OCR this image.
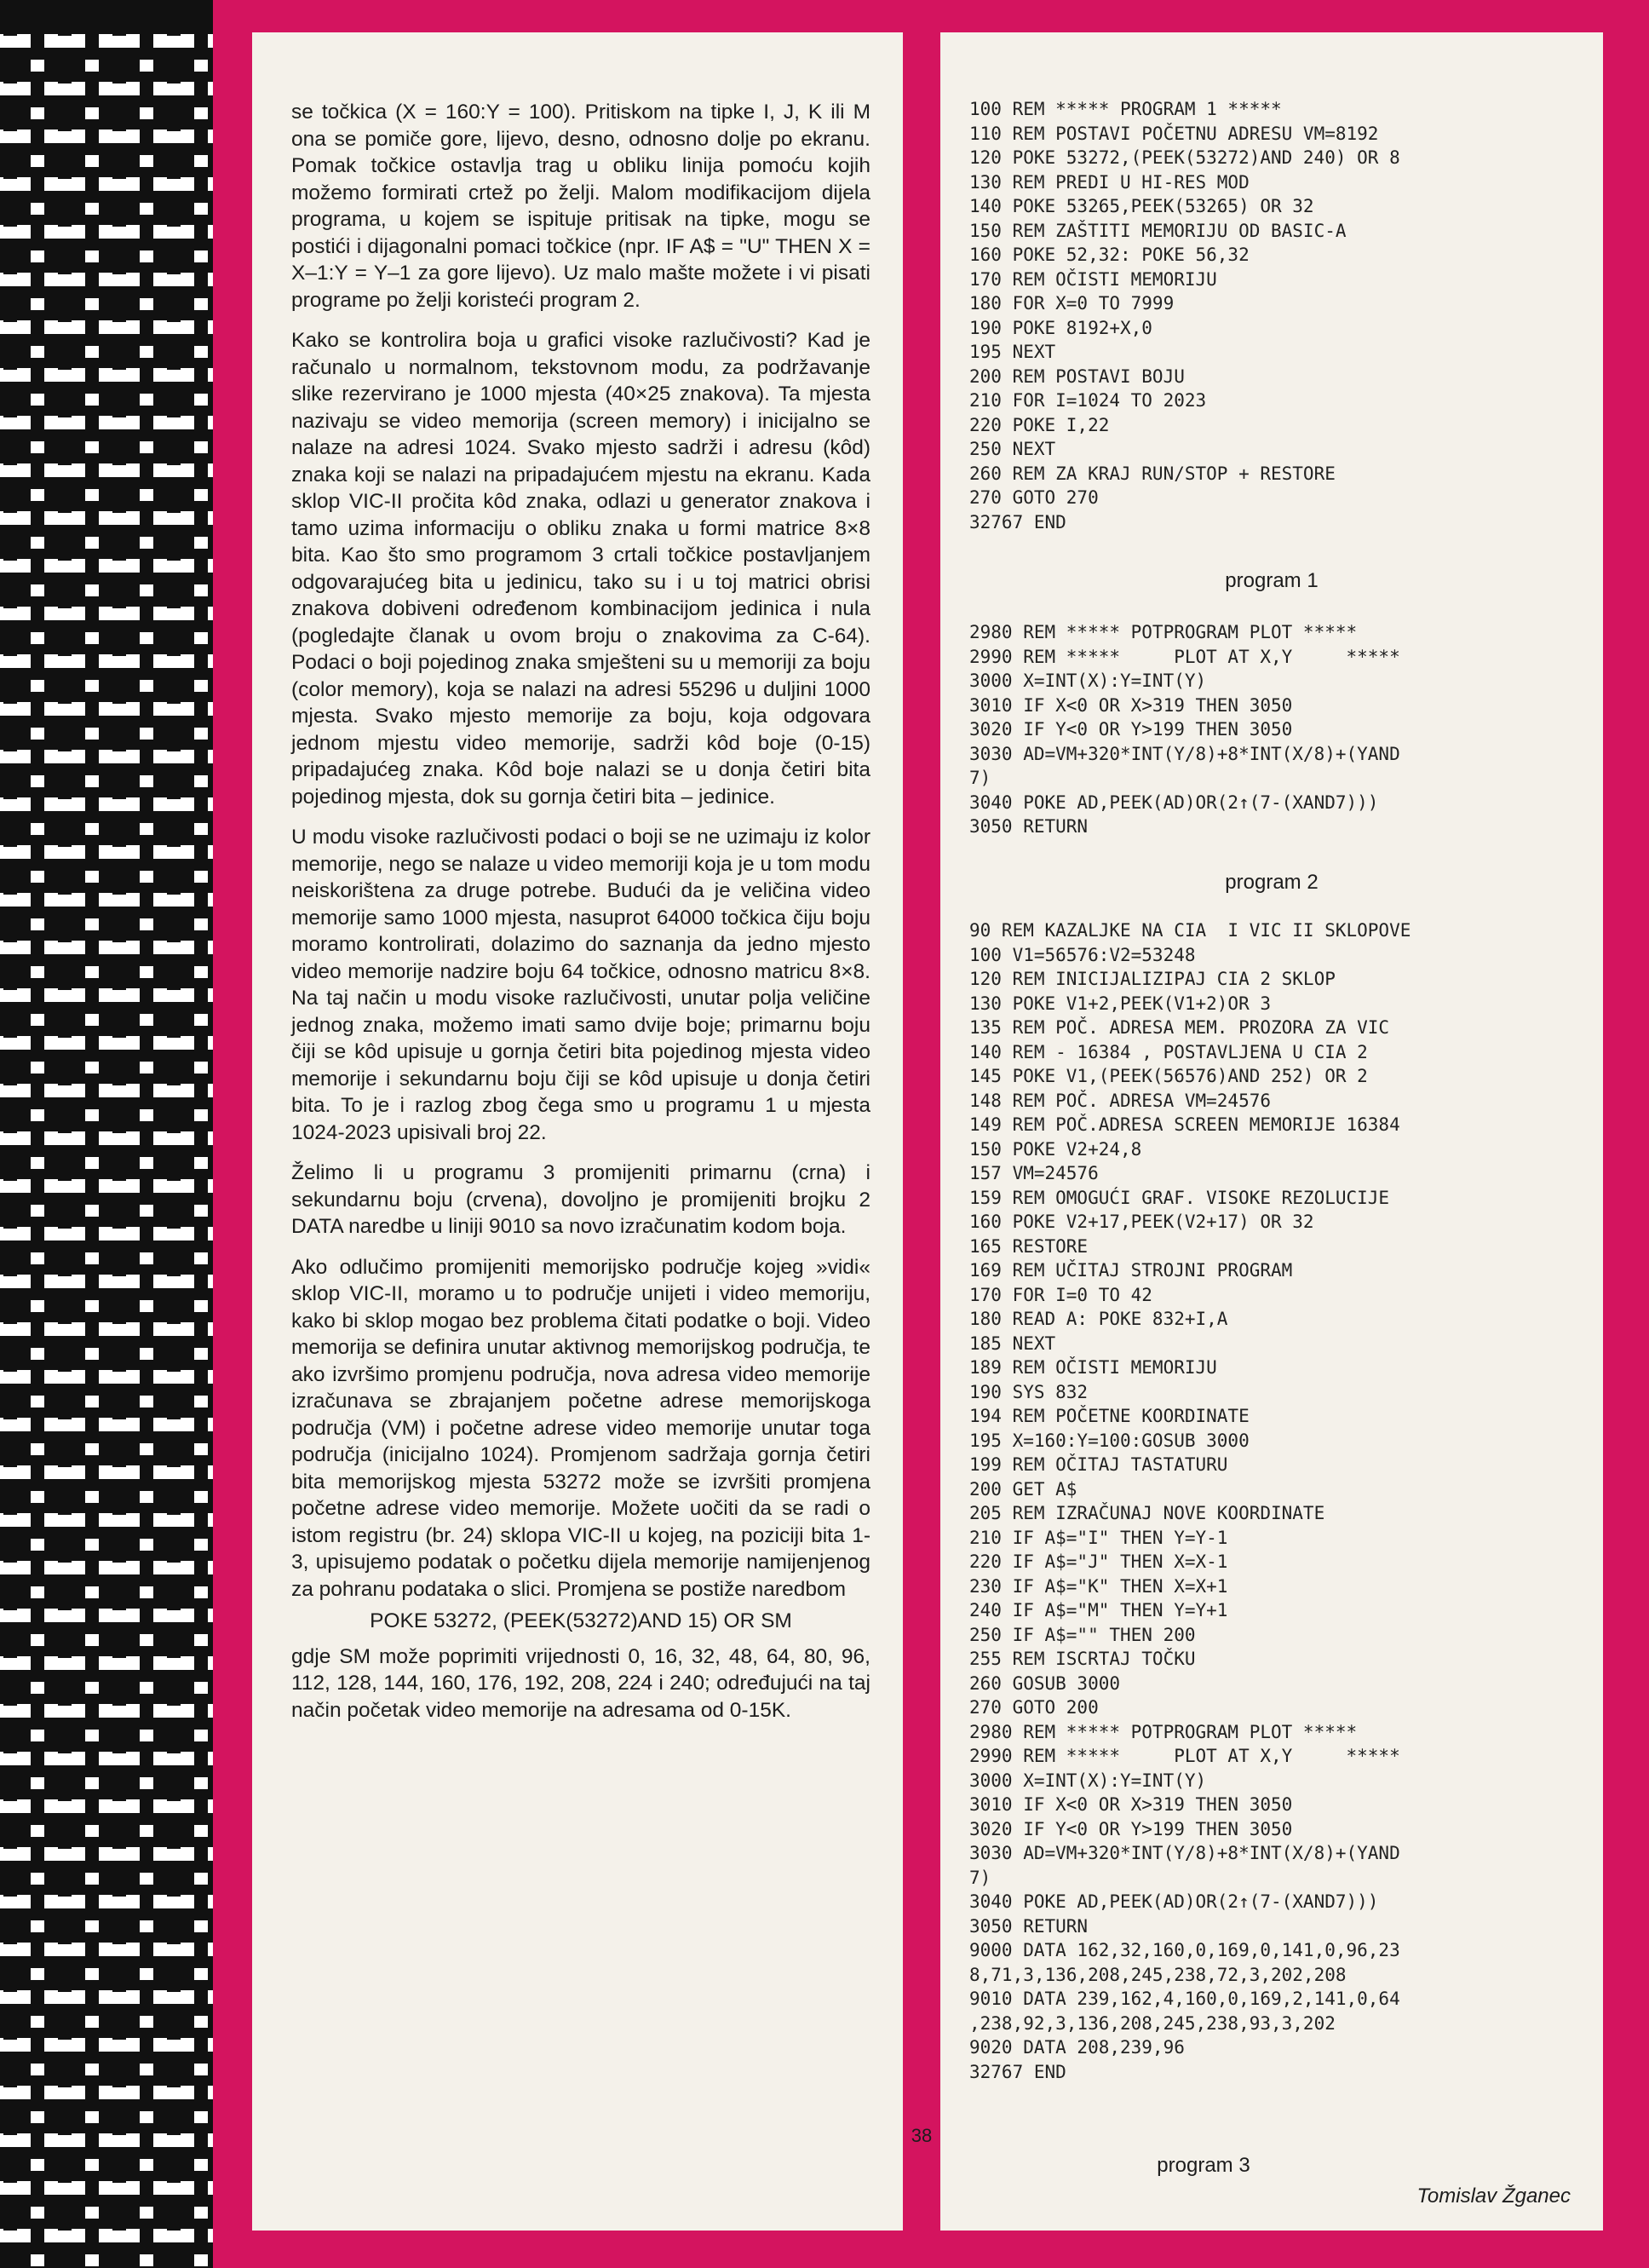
se točkica (X = 160:Y = 100). Pritiskom na tipke I, J, K ili M ona se pomiče gore, lijevo, desno, odnosno dolje po ekranu. Pomak točkice ostavlja trag u obliku linija pomoću kojih možemo formirati crtež po želji. Malom modifikacijom dijela programa, u kojem se ispituje pritisak na tipke, mogu se postići i dijagonalni pomaci točkice (npr. IF A$ = "U" THEN X = X–1:Y = Y–1 za gore lijevo). Uz malo mašte možete i vi pisati programe po želji koristeći program 2.

Kako se kontrolira boja u grafici visoke razlučivosti? Kad je računalo u normalnom, tekstovnom modu, za podržavanje slike rezervirano je 1000 mjesta (40×25 znakova). Ta mjesta nazivaju se video memorija (screen memory) i inicijalno se nalaze na adresi 1024. Svako mjesto sadrži i adresu (kôd) znaka koji se nalazi na pripadajućem mjestu na ekranu. Kada sklop VIC-II pročita kôd znaka, odlazi u generator znakova i tamo uzima informaciju o obliku znaka u formi matrice 8×8 bita. Kao što smo programom 3 crtali točkice postavljanjem odgovarajućeg bita u jedinicu, tako su i u toj matrici obrisi znakova dobiveni određenom kombinacijom jedinica i nula (pogledajte članak u ovom broju o znakovima za C-64). Podaci o boji pojedinog znaka smješteni su u memoriji za boju (color memory), koja se nalazi na adresi 55296 u duljini 1000 mjesta. Svako mjesto memorije za boju, koja odgovara jednom mjestu video memorije, sadrži kôd boje (0-15) pripadajućeg znaka. Kôd boje nalazi se u donja četiri bita pojedinog mjesta, dok su gornja četiri bita – jedinice.

U modu visoke razlučivosti podaci o boji se ne uzimaju iz kolor memorije, nego se nalaze u video memoriji koja je u tom modu neiskorištena za druge potrebe. Budući da je veličina video memorije samo 1000 mjesta, nasuprot 64000 točkica čiju boju moramo kontrolirati, dolazimo do saznanja da jedno mjesto video memorije nadzire boju 64 točkice, odnosno matricu 8×8. Na taj način u modu visoke razlučivosti, unutar polja veličine jednog znaka, možemo imati samo dvije boje; primarnu boju čiji se kôd upisuje u gornja četiri bita pojedinog mjesta video memorije i sekundarnu boju čiji se kôd upisuje u donja četiri bita. To je i razlog zbog čega smo u programu 1 u mjesta 1024-2023 upisivali broj 22.

Želimo li u programu 3 promijeniti primarnu (crna) i sekundarnu boju (crvena), dovoljno je promijeniti brojku 2 DATA naredbe u liniji 9010 sa novo izračunatim kodom boja.

Ako odlučimo promijeniti memorijsko područje kojeg »vidi« sklop VIC-II, moramo u to područje unijeti i video memoriju, kako bi sklop mogao bez problema čitati podatke o boji. Video memorija se definira unutar aktivnog memorijskog područja, te ako izvršimo promjenu područja, nova adresa video memorije izračunava se zbrajanjem početne adrese memorijskoga područja (VM) i početne adrese video memorije unutar toga područja (inicijalno 1024). Promjenom sadržaja gornja četiri bita memorijskog mjesta 53272 može se izvršiti promjena početne adrese video memorije. Možete uočiti da se radi o istom registru (br. 24) sklopa VIC-II u kojeg, na poziciji bita 1-3, upisujemo podatak o početku dijela memorije namijenjenog za pohranu podataka o slici. Promjena se postiže naredbom

POKE 53272, (PEEK(53272)AND 15) OR SM

gdje SM može poprimiti vrijednosti 0, 16, 32, 48, 64, 80, 96, 112, 128, 144, 160, 176, 192, 208, 224 i 240; određujući na taj način početak video memorije na adresama od 0-15K.

38
100 REM ***** PROGRAM 1 *****
110 REM POSTAVI POČETNU ADRESU VM=8192
120 POKE 53272,(PEEK(53272)AND 240) OR 8
130 REM PREDI U HI-RES MOD
140 POKE 53265,PEEK(53265) OR 32
150 REM ZAŠTITI MEMORIJU OD BASIC-A
160 POKE 52,32: POKE 56,32
170 REM OČISTI MEMORIJU
180 FOR X=0 TO 7999
190 POKE 8192+X,0
195 NEXT
200 REM POSTAVI BOJU
210 FOR I=1024 TO 2023
220 POKE I,22
250 NEXT
260 REM ZA KRAJ RUN/STOP + RESTORE
270 GOTO 270
32767 END
program 1
2980 REM ***** POTPROGRAM PLOT *****
2990 REM *****     PLOT AT X,Y     *****
3000 X=INT(X):Y=INT(Y)
3010 IF X<0 OR X>319 THEN 3050
3020 IF Y<0 OR Y>199 THEN 3050
3030 AD=VM+320*INT(Y/8)+8*INT(X/8)+(YAND
7)
3040 POKE AD,PEEK(AD)OR(2↑(7-(XAND7)))
3050 RETURN
program 2
90 REM KAZALJKE NA CIA  I VIC II SKLOPOVE
100 V1=56576:V2=53248
120 REM INICIJALIZIPAJ CIA 2 SKLOP
130 POKE V1+2,PEEK(V1+2)OR 3
135 REM POČ. ADRESA MEM. PROZORA ZA VIC
140 REM - 16384 , POSTAVLJENA U CIA 2
145 POKE V1,(PEEK(56576)AND 252) OR 2
148 REM POČ. ADRESA VM=24576
149 REM POČ.ADRESA SCREEN MEMORIJE 16384
150 POKE V2+24,8
157 VM=24576
159 REM OMOGUĆI GRAF. VISOKE REZOLUCIJE
160 POKE V2+17,PEEK(V2+17) OR 32
165 RESTORE
169 REM UČITAJ STROJNI PROGRAM
170 FOR I=0 TO 42
180 READ A: POKE 832+I,A
185 NEXT
189 REM OČISTI MEMORIJU
190 SYS 832
194 REM POČETNE KOORDINATE
195 X=160:Y=100:GOSUB 3000
199 REM OČITAJ TASTATURU
200 GET A$
205 REM IZRAČUNAJ NOVE KOORDINATE
210 IF A$="I" THEN Y=Y-1
220 IF A$="J" THEN X=X-1
230 IF A$="K" THEN X=X+1
240 IF A$="M" THEN Y=Y+1
250 IF A$="" THEN 200
255 REM ISCRTAJ TOČKU
260 GOSUB 3000
270 GOTO 200
2980 REM ***** POTPROGRAM PLOT *****
2990 REM *****     PLOT AT X,Y     *****
3000 X=INT(X):Y=INT(Y)
3010 IF X<0 OR X>319 THEN 3050
3020 IF Y<0 OR Y>199 THEN 3050
3030 AD=VM+320*INT(Y/8)+8*INT(X/8)+(YAND
7)
3040 POKE AD,PEEK(AD)OR(2↑(7-(XAND7)))
3050 RETURN
9000 DATA 162,32,160,0,169,0,141,0,96,23
8,71,3,136,208,245,238,72,3,202,208
9010 DATA 239,162,4,160,0,169,2,141,0,64
,238,92,3,136,208,245,238,93,3,202
9020 DATA 208,239,96
32767 END
program 3
Tomislav Žganec
